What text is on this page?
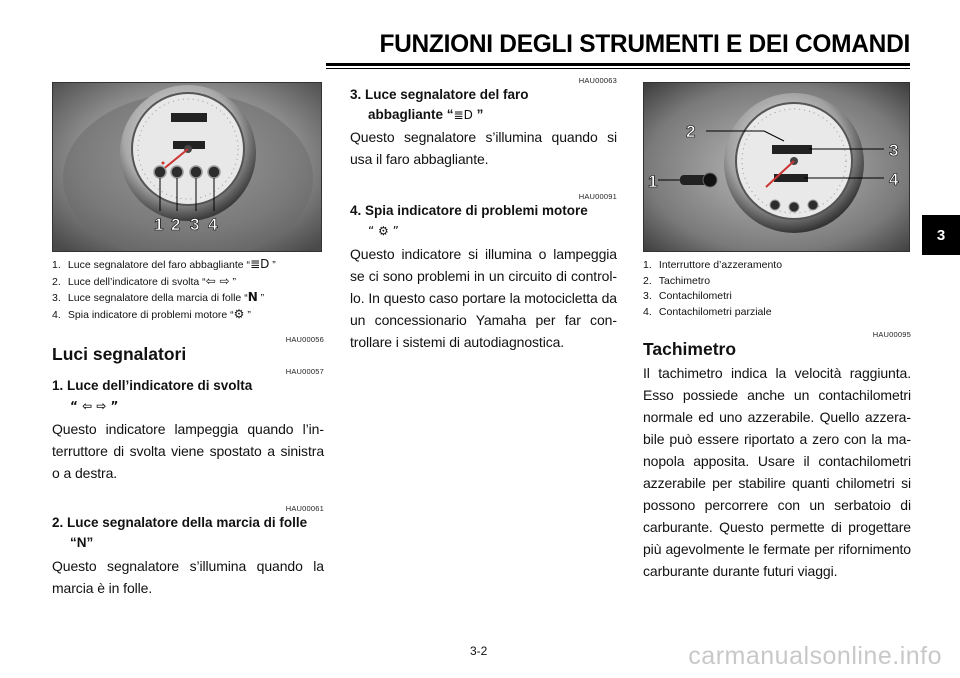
FUNZIONI DEGLI STRUMENTI E DEI COMANDI
3
1 2 3 4
1. Luce segnalatore del faro abbagliante “≣D ”
2. Luce dell’indicatore di svolta “⇦ ⇨ ”
3. Luce segnalatore della marcia di folle “N ”
4. Spia indicatore di problemi motore “⚙ ”
HAU00056
Luci segnalatori
HAU00057
1. Luce dell’indicatore di svolta
“ ⇦ ⇨ ”
Questo indicatore lampeggia quando l’interruttore di svolta viene spostato a sinistra o a destra.
HAU00061
2. Luce segnalatore della marcia di folle
“N”
Questo segnalatore s’illumina quando la marcia è in folle.
HAU00063
3. Luce segnalatore del faro
abbagliante “≣D ”
Questo segnalatore s’illumina quando si usa il faro abbagliante.
HAU00091
4. Spia indicatore di problemi motore
“ ⚙ ”
Questo indicatore si illumina o lampeggia se ci sono problemi in un circuito di controllo. In questo caso portare la motocicletta da un concessionario Yamaha per far controllare i sistemi di autodiagnostica.
1
2
3
4
1. Interruttore d’azzeramento
2. Tachimetro
3. Contachilometri
4. Contachilometri parziale
HAU00095
Tachimetro
Il tachimetro indica la velocità raggiunta. Esso possiede anche un contachilometri normale ed uno azzerabile. Quello azzerabile può essere riportato a zero con la manopola apposita. Usare il contachilometri azzerabile per stabilire quanti chilometri si possono percorrere con un serbatoio di carburante. Questo permette di progettare più agevolmente le fermate per rifornimento carburante durante futuri viaggi.
3-2	carmanualsonline.info
